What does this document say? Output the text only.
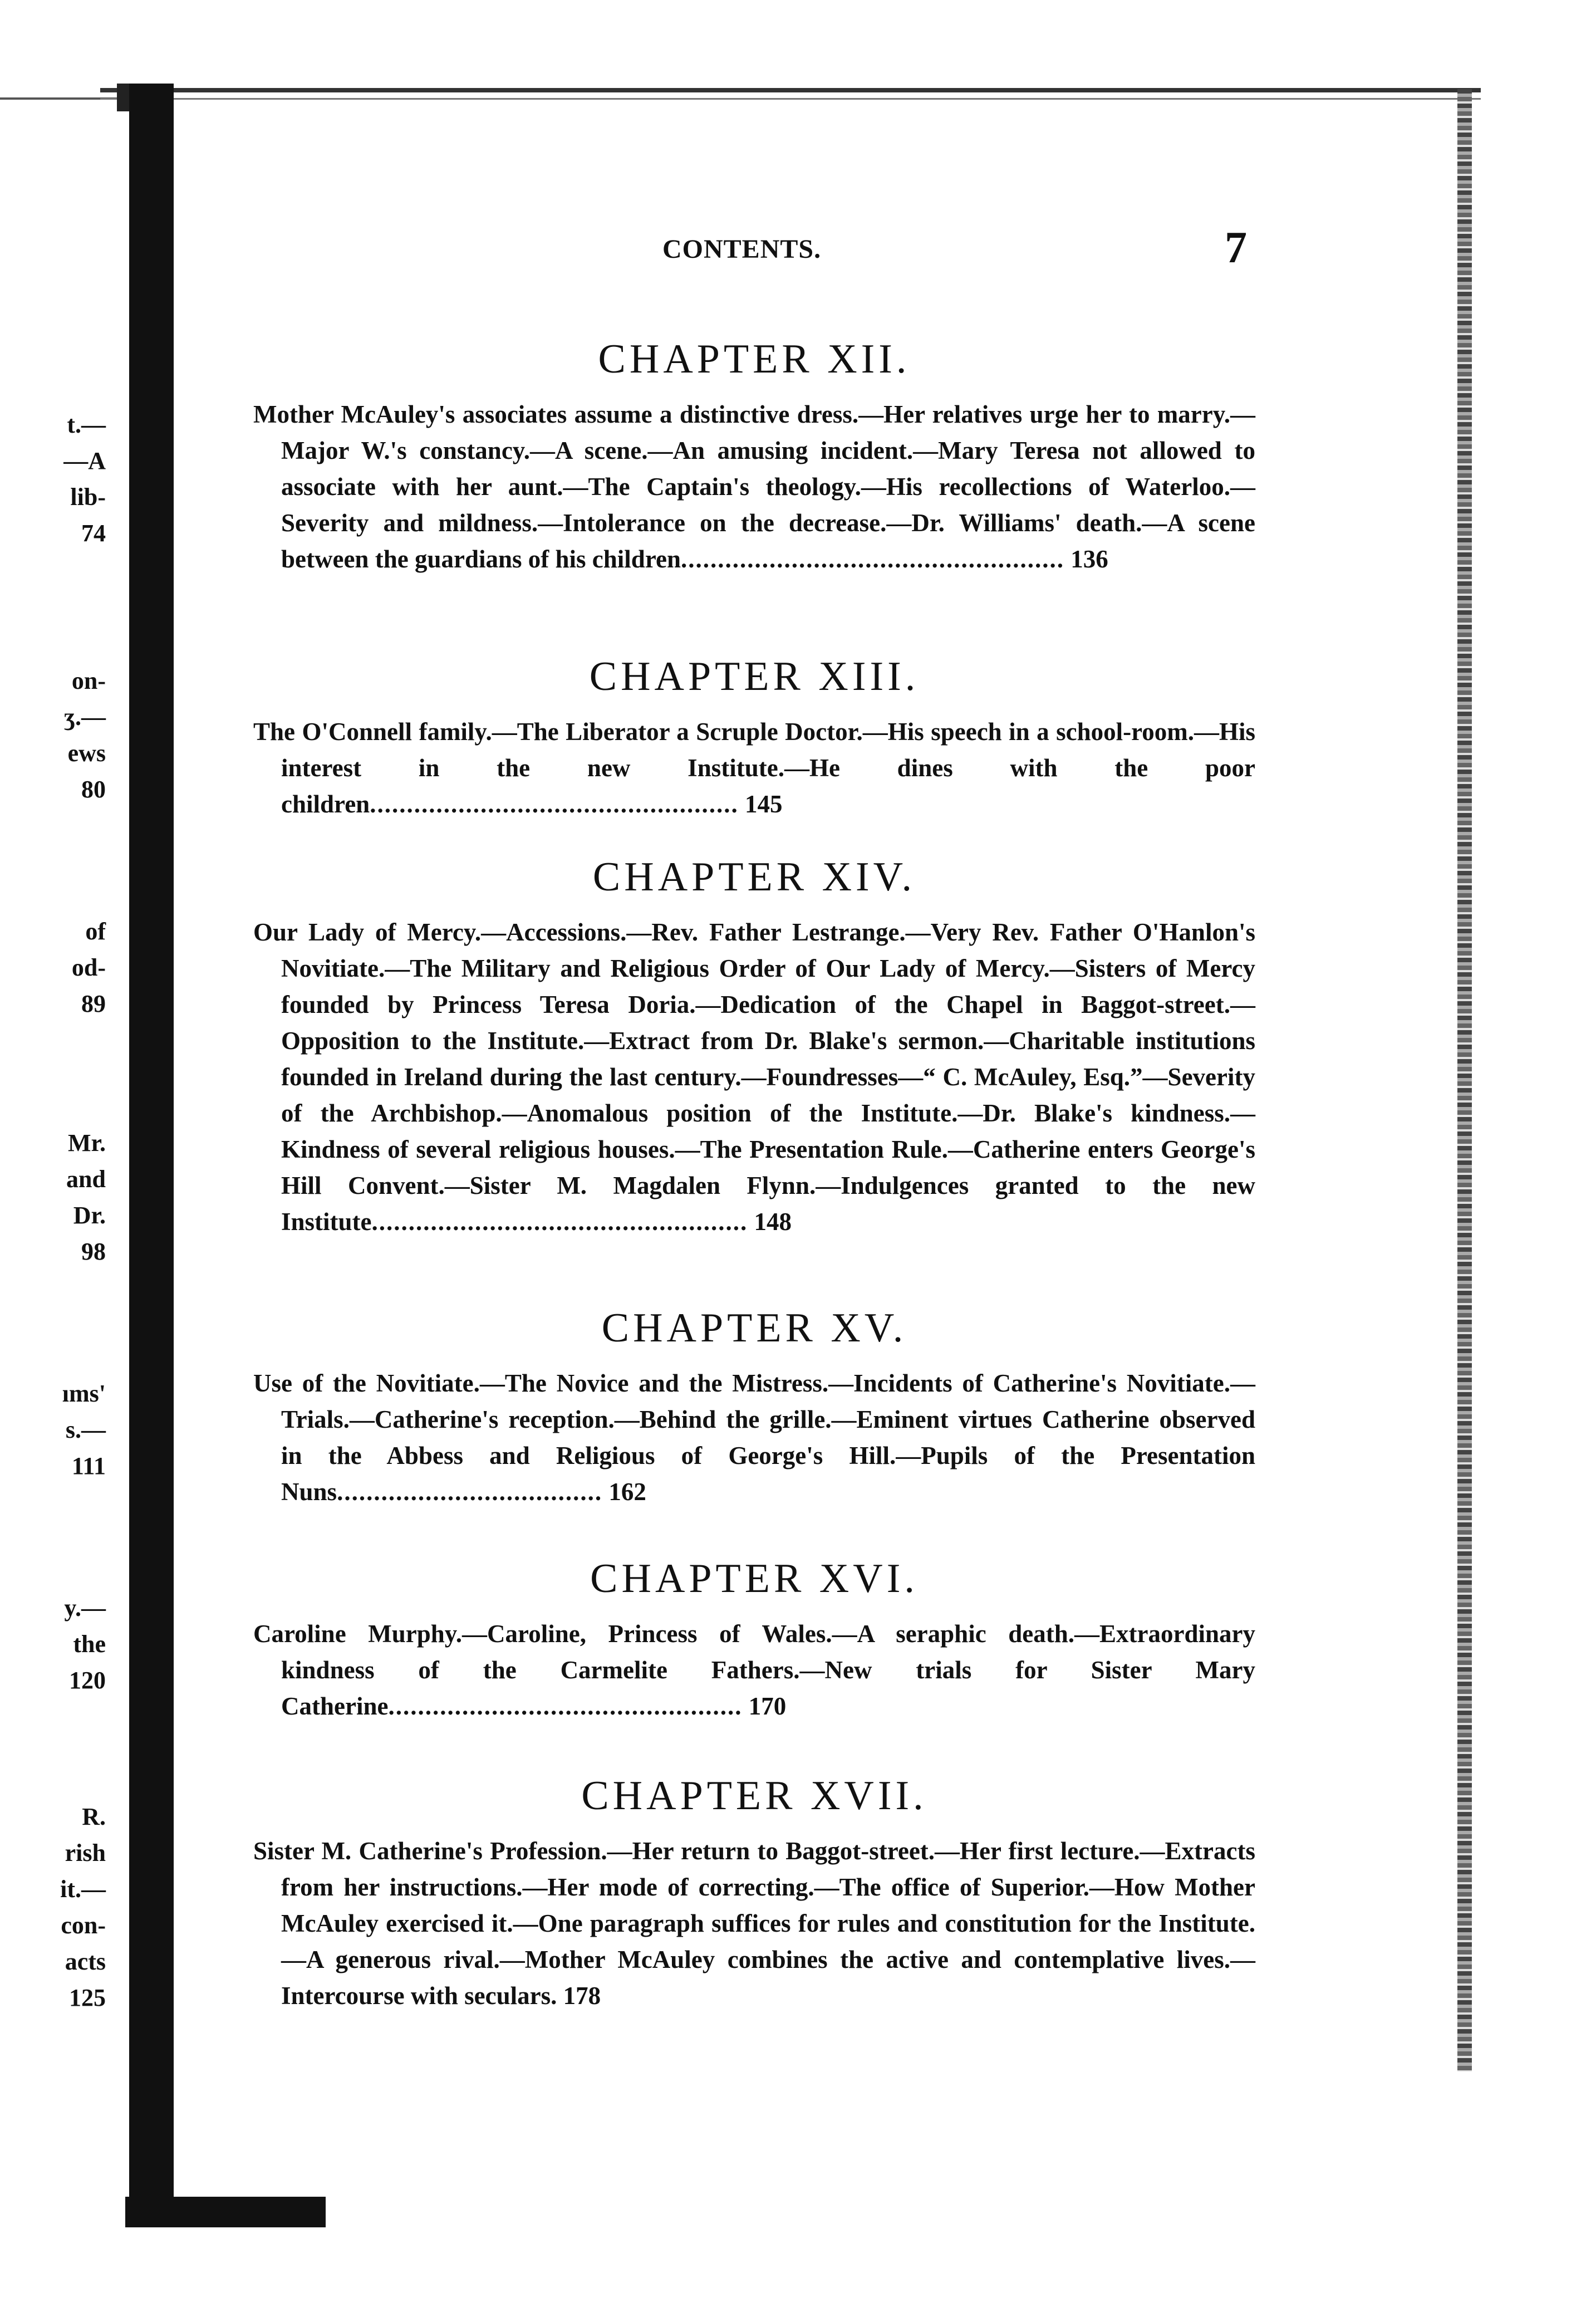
t.—
—A
lib-
74
on-
ʒ.—
ews
80
of
od-
89
Mr.
and
Dr.
98
ıms'
s.—
111
y.—
the
120
R.
rish
it.—
con-
acts
125
CONTENTS.	7
CHAPTER XII.
Mother McAuley's associates assume a distinctive dress.—Her relatives urge her to marry.—Major W.'s constancy.—A scene.—An amusing incident.—Mary Teresa not allowed to associate with her aunt.—The Captain's theology.—His recollections of Waterloo.—Severity and mildness.—Intolerance on the decrease.—Dr. Williams' death.—A scene between the guardians of his children.................................................... 136
CHAPTER XIII.
The O'Connell family.—The Liberator a Scruple Doctor.—His speech in a school-room.—His interest in the new Institute.—He dines with the poor children.................................................. 145
CHAPTER XIV.
Our Lady of Mercy.—Accessions.—Rev. Father Lestrange.—Very Rev. Father O'Hanlon's Novitiate.—The Military and Religious Order of Our Lady of Mercy.—Sisters of Mercy founded by Princess Teresa Doria.—Dedication of the Chapel in Baggot-street.—Opposition to the Institute.—Extract from Dr. Blake's sermon.—Charitable institutions founded in Ireland during the last century.—Foundresses—“ C. McAuley, Esq.”—Severity of the Archbishop.—Anomalous position of the Institute.—Dr. Blake's kindness.—Kindness of several religious houses.—The Presentation Rule.—Catherine enters George's Hill Convent.—Sister M. Magdalen Flynn.—Indulgences granted to the new Institute................................................... 148
CHAPTER XV.
Use of the Novitiate.—The Novice and the Mistress.—Incidents of Catherine's Novitiate.—Trials.—Catherine's reception.—Behind the grille.—Eminent virtues Catherine observed in the Abbess and Religious of George's Hill.—Pupils of the Presentation Nuns.................................... 162
CHAPTER XVI.
Caroline Murphy.—Caroline, Princess of Wales.—A seraphic death.—Extraordinary kindness of the Carmelite Fathers.—New trials for Sister Mary Catherine................................................ 170
CHAPTER XVII.
Sister M. Catherine's Profession.—Her return to Baggot-street.—Her first lecture.—Extracts from her instructions.—Her mode of correcting.—The office of Superior.—How Mother McAuley exercised it.—One paragraph suffices for rules and constitution for the Institute.—A generous rival.—Mother McAuley combines the active and contemplative lives.—Intercourse with seculars. 178
